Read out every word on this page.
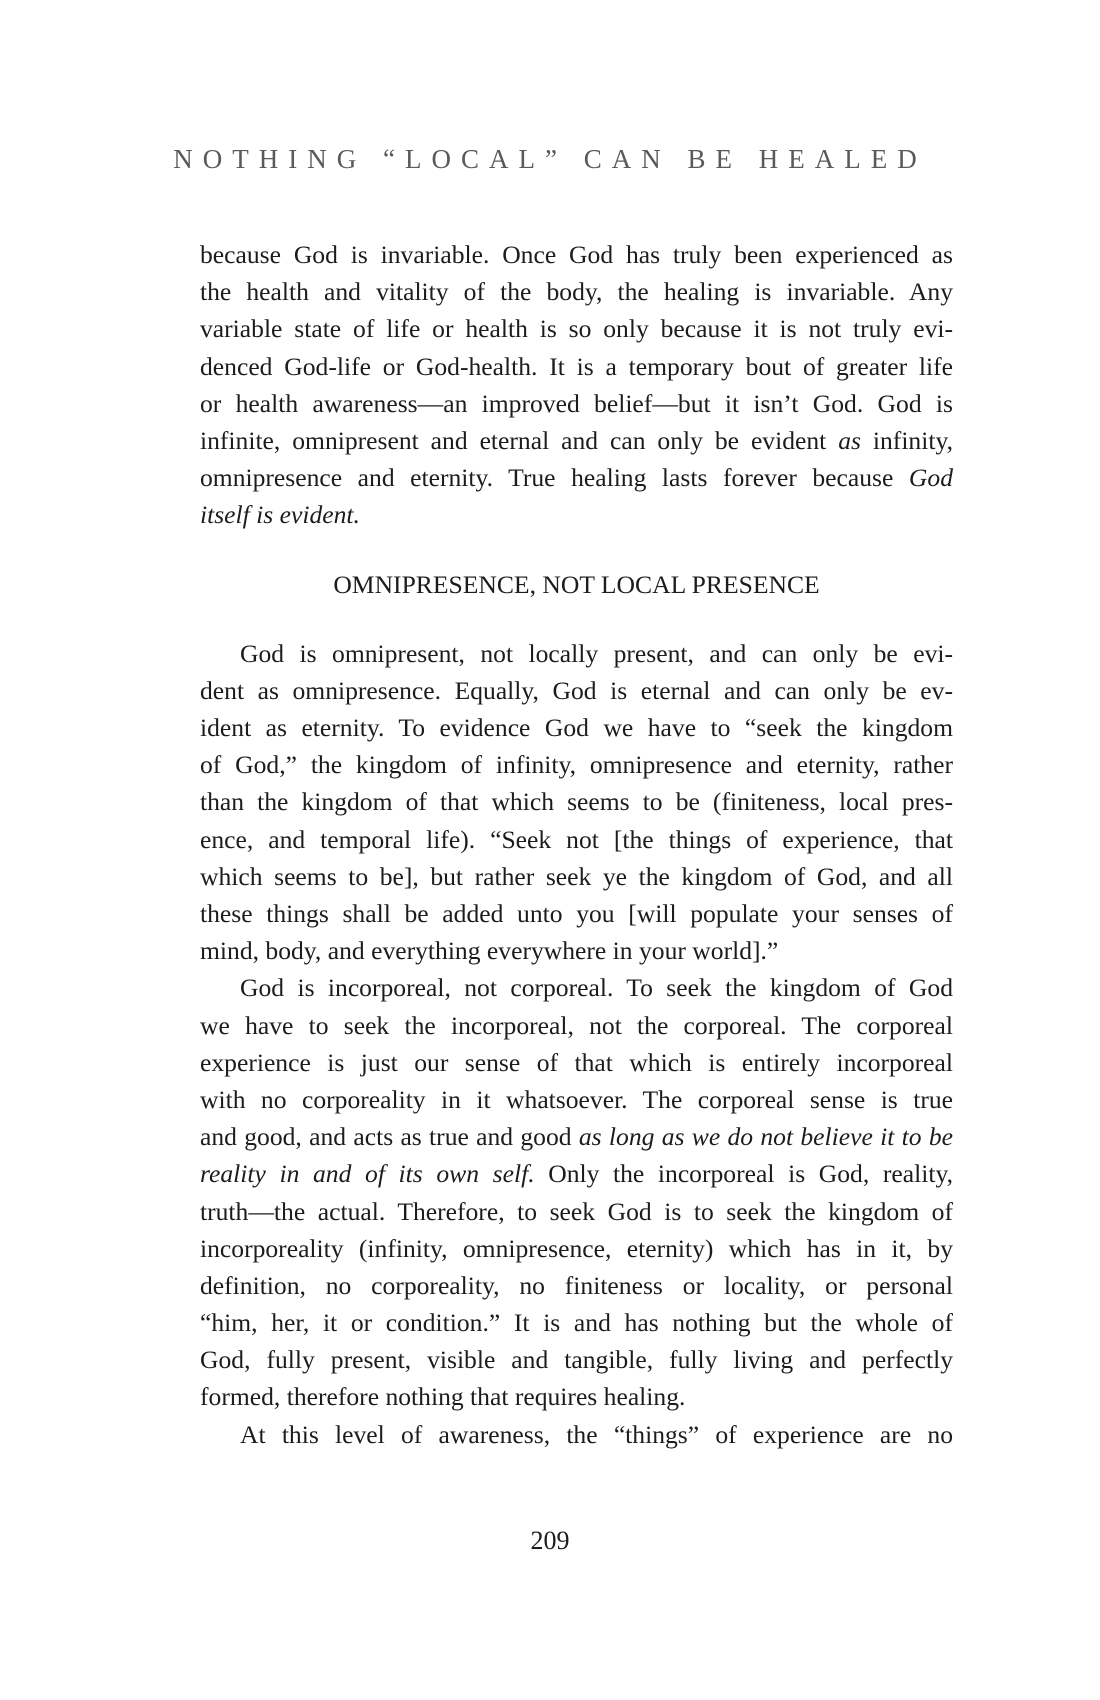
NOTHING “LOCAL” CAN BE HEALED
because God is invariable. Once God has truly been experienced as
the health and vitality of the body, the healing is invariable. Any
variable state of life or health is so only because it is not truly evi-
denced God-life or God-health. It is a temporary bout of greater life
or health awareness—an improved belief—but it isn’t God. God is
infinite, omnipresent and eternal and can only be evident as infinity,
omnipresence and eternity. True healing lasts forever because God
itself is evident.
OMNIPRESENCE, NOT LOCAL PRESENCE
God is omnipresent, not locally present, and can only be evi-
dent as omnipresence. Equally, God is eternal and can only be ev-
ident as eternity. To evidence God we have to “seek the kingdom
of God,” the kingdom of infinity, omnipresence and eternity, rather
than the kingdom of that which seems to be (finiteness, local pres-
ence, and temporal life). “Seek not [the things of experience, that
which seems to be], but rather seek ye the kingdom of God, and all
these things shall be added unto you [will populate your senses of
mind, body, and everything everywhere in your world].”
God is incorporeal, not corporeal. To seek the kingdom of God
we have to seek the incorporeal, not the corporeal. The corporeal
experience is just our sense of that which is entirely incorporeal
with no corporeality in it whatsoever. The corporeal sense is true
and good, and acts as true and good as long as we do not believe it to be
reality in and of its own self. Only the incorporeal is God, reality,
truth—the actual. Therefore, to seek God is to seek the kingdom of
incorporeality (infinity, omnipresence, eternity) which has in it, by
definition, no corporeality, no finiteness or locality, or personal
“him, her, it or condition.” It is and has nothing but the whole of
God, fully present, visible and tangible, fully living and perfectly
formed, therefore nothing that requires healing.
At this level of awareness, the “things” of experience are no
209
